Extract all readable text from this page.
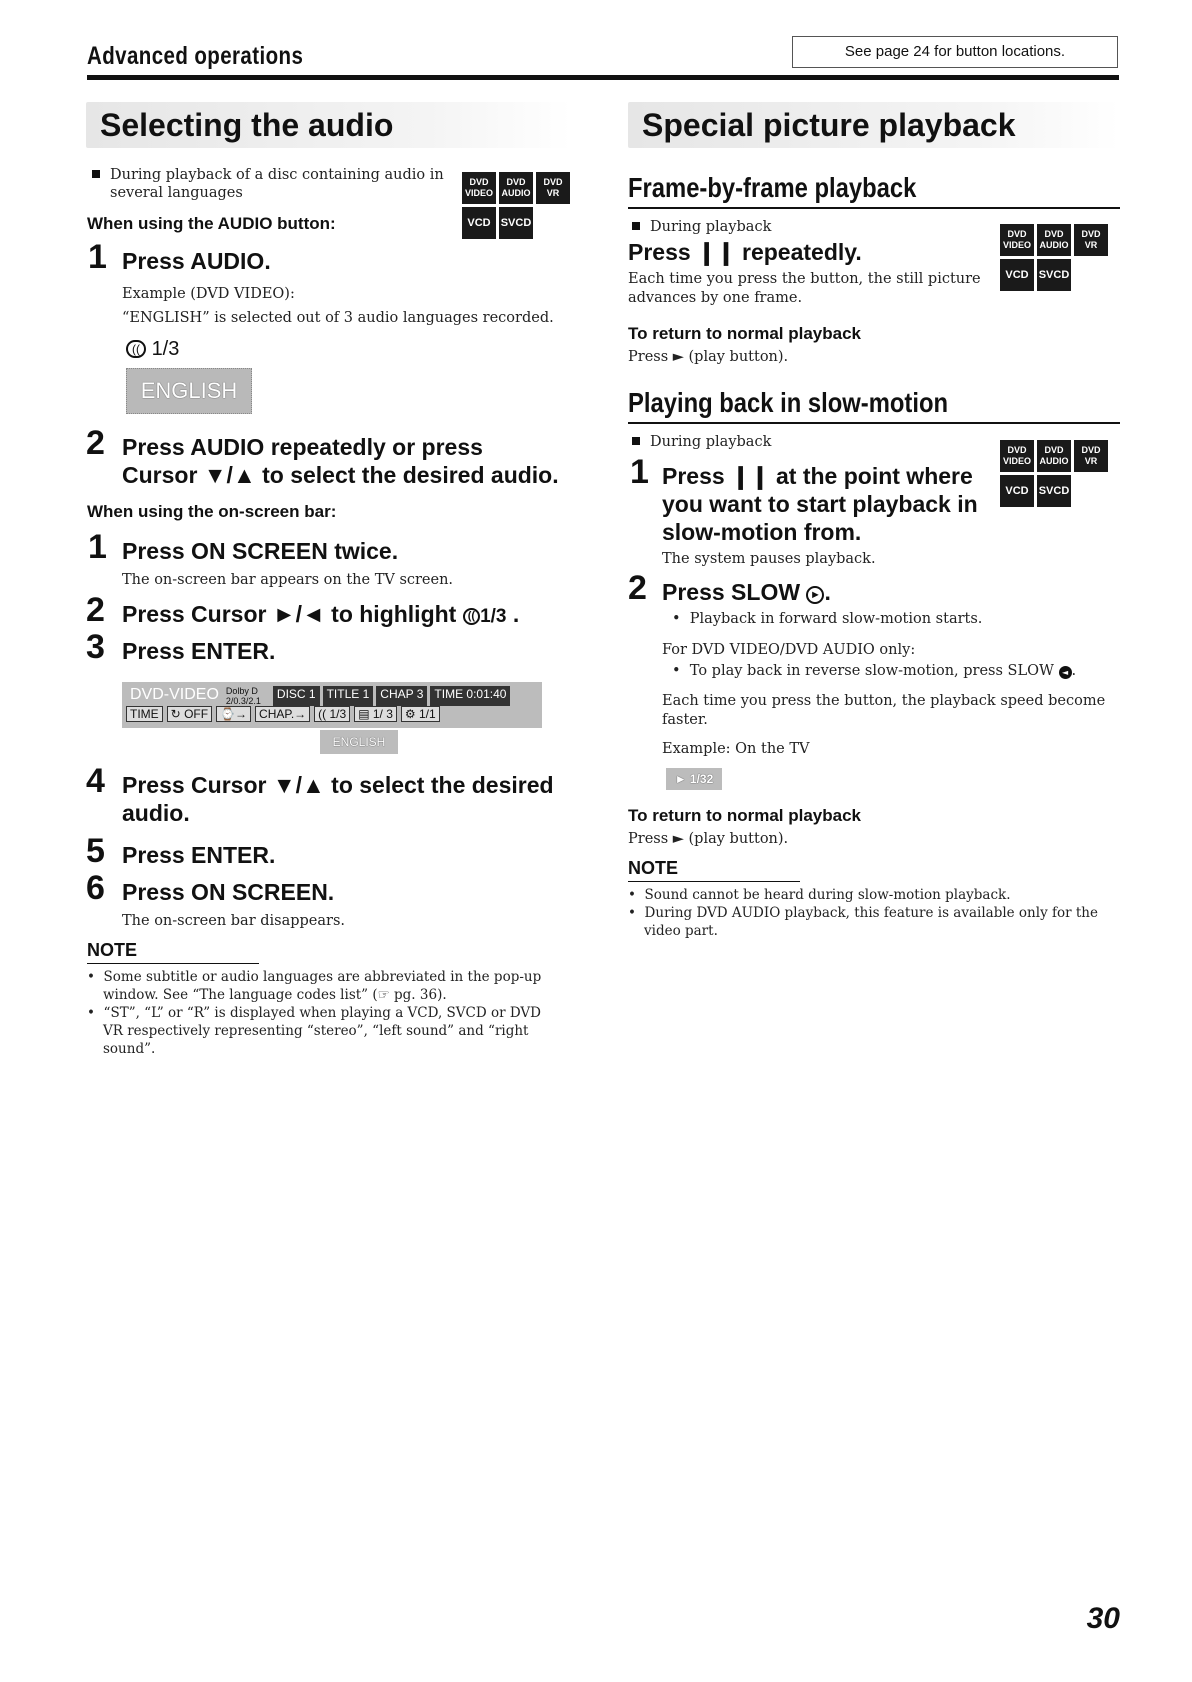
Advanced operations	See page 24 for button locations.
Selecting the audio
During playback of a disc containing audio in
several languages
DVD
VIDEO
DVD
AUDIO
DVD
VR
VCD SVCD
When using the AUDIO button:
1 Press AUDIO.
Example (DVD VIDEO):
“ENGLISH” is selected out of 3 audio languages recorded.
(( 1/3
ENGLISH
2 Press AUDIO repeatedly or press
Cursor ▼/▲ to select the desired audio.
When using the on-screen bar:
1 Press ON SCREEN twice.
The on-screen bar appears on the TV screen.
2 Press Cursor ►/◄ to highlight (( 1/3 .
3 Press ENTER.
DVD-VIDEO Dolby D 2/0.3/2.1	DISC 1 TITLE 1 CHAP 3 TIME 0:01:40
TIME	↻ OFF	⌚→	CHAP.→	(( 1/3	▤ 1/ 3	⚙ 1/1
ENGLISH
4 Press Cursor ▼/▲ to select the desired
audio.
5 Press ENTER.
6 Press ON SCREEN.
The on-screen bar disappears.
NOTE
•  Some subtitle or audio languages are abbreviated in the pop-up
window. See “The language codes list” (☞ pg. 36).
•  “ST”, “L” or “R” is displayed when playing a VCD, SVCD or DVD
VR respectively representing “stereo”, “left sound” and “right
sound”.
Special picture playback
Frame-by-frame playback
During playback
Press ❙❙ repeatedly.
Each time you press the button, the still picture
advances by one frame.
DVD
VIDEO
DVD
AUDIO
DVD
VR
VCD SVCD
To return to normal playback
Press ► (play button).
Playing back in slow-motion
During playback	DVD
VIDEO
DVD
AUDIO
DVD
VR
VCD SVCD
1 Press ❙❙ at the point where
you want to start playback in
slow-motion from.
The system pauses playback.
2 Press SLOW ► .
•  Playback in forward slow-motion starts.
For DVD VIDEO/DVD AUDIO only:
•  To play back in reverse slow-motion, press SLOW ◄ .
Each time you press the button, the playback speed become
faster.
Example: On the TV
► 1/32
To return to normal playback
Press ► (play button).
NOTE
•  Sound cannot be heard during slow-motion playback.
•  During DVD AUDIO playback, this feature is available only for the
video part.
30
